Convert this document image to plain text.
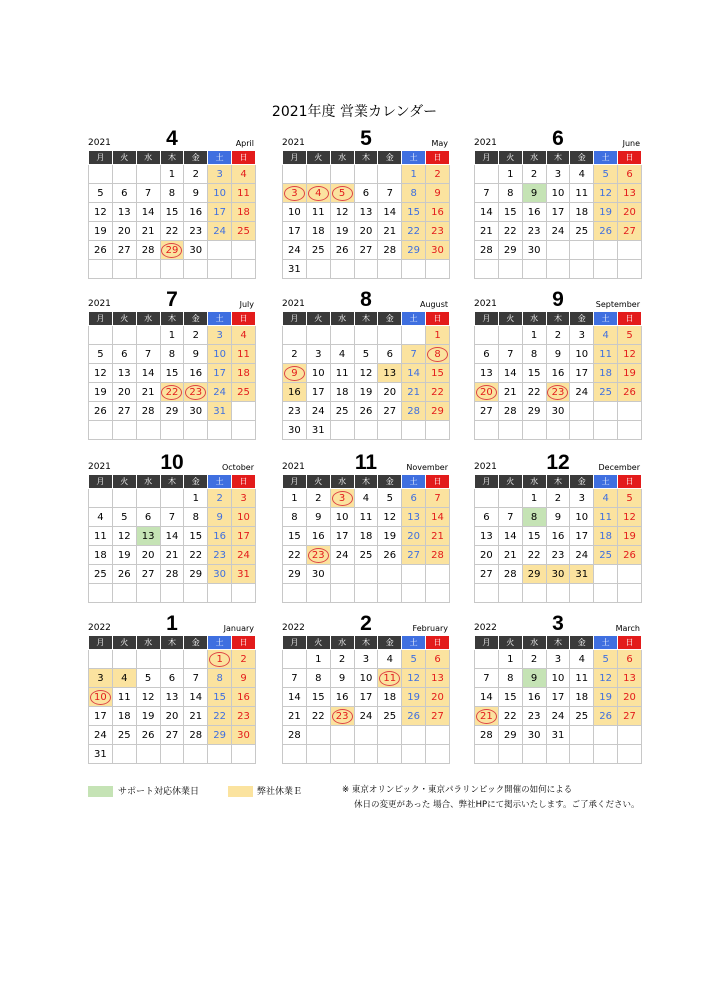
2021年度 営業カレンダー
2021	4	April
月	火	水	木	金	土	日
			1	2	3	4
5	6	7	8	9	10	11
12	13	14	15	16	17	18
19	20	21	22	23	24	25
26	27	28	29	30		

2021	5	May
月	火	水	木	金	土	日
					1	2
3	4	5	6	7	8	9
10	11	12	13	14	15	16
17	18	19	20	21	22	23
24	25	26	27	28	29	30
31						
2021	6	June
月	火	水	木	金	土	日
	1	2	3	4	5	6
7	8	9	10	11	12	13
14	15	16	17	18	19	20
21	22	23	24	25	26	27
28	29	30				

2021	7	July
月	火	水	木	金	土	日
			1	2	3	4
5	6	7	8	9	10	11
12	13	14	15	16	17	18
19	20	21	22	23	24	25
26	27	28	29	30	31	

2021	8	August
月	火	水	木	金	土	日
						1
2	3	4	5	6	7	8
9	10	11	12	13	14	15
16	17	18	19	20	21	22
23	24	25	26	27	28	29
30	31					
2021	9	September
月	火	水	木	金	土	日
		1	2	3	4	5
6	7	8	9	10	11	12
13	14	15	16	17	18	19
20	21	22	23	24	25	26
27	28	29	30			

2021	10	October
月	火	水	木	金	土	日
				1	2	3
4	5	6	7	8	9	10
11	12	13	14	15	16	17
18	19	20	21	22	23	24
25	26	27	28	29	30	31

2021	11	November
月	火	水	木	金	土	日
1	2	3	4	5	6	7
8	9	10	11	12	13	14
15	16	17	18	19	20	21
22	23	24	25	26	27	28
29	30					

2021	12	December
月	火	水	木	金	土	日
		1	2	3	4	5
6	7	8	9	10	11	12
13	14	15	16	17	18	19
20	21	22	23	24	25	26
27	28	29	30	31		

2022	1	January
月	火	水	木	金	土	日
					1	2
3	4	5	6	7	8	9
10	11	12	13	14	15	16
17	18	19	20	21	22	23
24	25	26	27	28	29	30
31						
2022	2	February
月	火	水	木	金	土	日
	1	2	3	4	5	6
7	8	9	10	11	12	13
14	15	16	17	18	19	20
21	22	23	24	25	26	27
28						

2022	3	March
月	火	水	木	金	土	日
	1	2	3	4	5	6
7	8	9	10	11	12	13
14	15	16	17	18	19	20
21	22	23	24	25	26	27
28	29	30	31			

サポート対応休業日	弊社休業Ｅ	※ 東京オリンピック・東京パラリンピック開催の如何による
休日の変更があった 場合、弊社HPにて掲示いたします。ご了承ください。
